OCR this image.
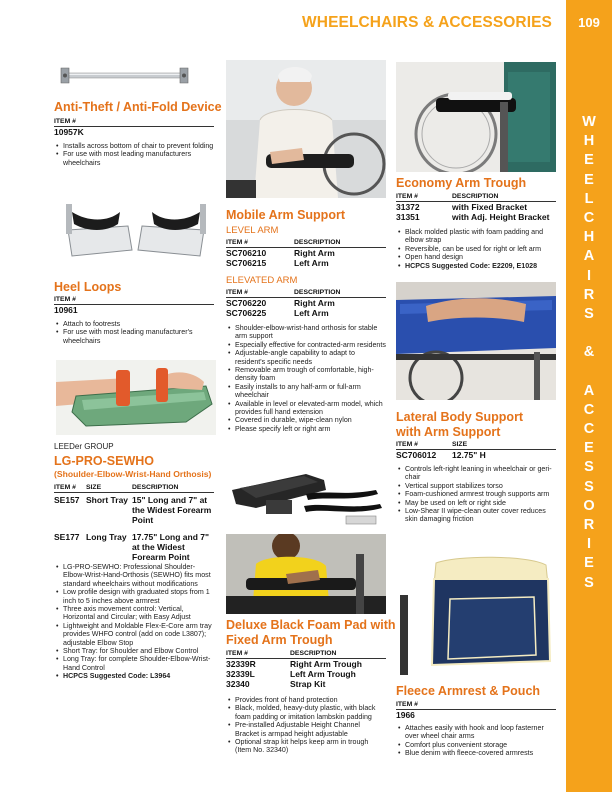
WHEELCHAIRS & ACCESSORIES	109
W
H
E
E
L
C
H
A
I
R
S
&
A
C
C
E
S
S
O
R
I
E
S
Anti-Theft / Anti-Fold Device
ITEM #
10957K
• Installs across bottom of chair to prevent folding
• For use with most leading manufacturers wheelchairs
Heel Loops
ITEM #
10961
• Attach to footrests
• For use with most leading manufacturer's wheelchairs
LEEDer GROUP
LG-PRO-SEWHO
(Shoulder-Elbow-Wrist-Hand Orthosis)
ITEM #	SIZE	DESCRIPTION
SE157	Short Tray	15" Long and 7" at the Widest Forearm Point
SE177	Long Tray	17.75" Long and 7" at the Widest Forearm Point
• LG-PRO-SEWHO: Professional Shoulder-Elbow-Wrist-Hand-Orthosis (SEWHO) fits most standard wheelchairs without modifications
• Low profile design with graduated stops from 1 inch to 5 inches above armrest
• Three axis movement control: Vertical, Horizontal and Circular; with Easy Adjust
• Lightweight and Moldable Flex-E-Core arm tray provides WHFO control (add on code L3807); adjustable Elbow Stop
• Short Tray: for Shoulder and Elbow Control
• Long Tray: for complete Shoulder-Elbow-Wrist-Hand Control
• HCPCS Suggested Code: L3964
Mobile Arm Support
LEVEL ARM
ITEM #	DESCRIPTION
SC706210	Right Arm
SC706215	Left Arm
ELEVATED ARM
ITEM #	DESCRIPTION
SC706220	Right Arm
SC706225	Left Arm
• Shoulder-elbow-wrist-hand orthosis for stable arm support
• Especially effective for contracted-arm residents
• Adjustable-angle capability to adapt to resident's specific needs
• Removable arm trough of comfortable, high-density foam
• Easily installs to any half-arm or full-arm wheelchair
• Available in level or elevated-arm model, which provides full hand extension
• Covered in durable, wipe-clean nylon
• Please specify left or right arm
Deluxe Black Foam Pad with
Fixed Arm Trough
ITEM #	DESCRIPTION
32339R	Right Arm Trough
32339L	Left Arm Trough
32340	Strap Kit
• Provides front of hand protection
• Black, molded, heavy-duty plastic, with black foam padding or imitation lambskin padding
• Pre-installed Adjustable Height Channel Bracket is armpad height adjustable
• Optional strap kit helps keep arm in trough (Item No. 32340)
Economy Arm Trough
ITEM #	DESCRIPTION
31372	with Fixed Bracket
31351	with Adj. Height Bracket
• Black molded plastic with foam padding and elbow strap
• Reversible, can be used for right or left arm
• Open hand design
• HCPCS Suggested Code: E2209, E1028
Lateral Body Support
with Arm Support
ITEM #	SIZE
SC706012	12.75" H
• Controls left-right leaning in wheelchair or geri-chair
• Vertical support stabilizes torso
• Foam-cushioned armrest trough supports arm
• May be used on left or right side
• Low-Shear II wipe-clean outer cover reduces skin damaging friction
Fleece Armrest & Pouch
ITEM #
1966
• Attaches easily with hook and loop fasterner over wheel chair arms
• Comfort plus convenient storage
• Blue denim with fleece-covered armrests
